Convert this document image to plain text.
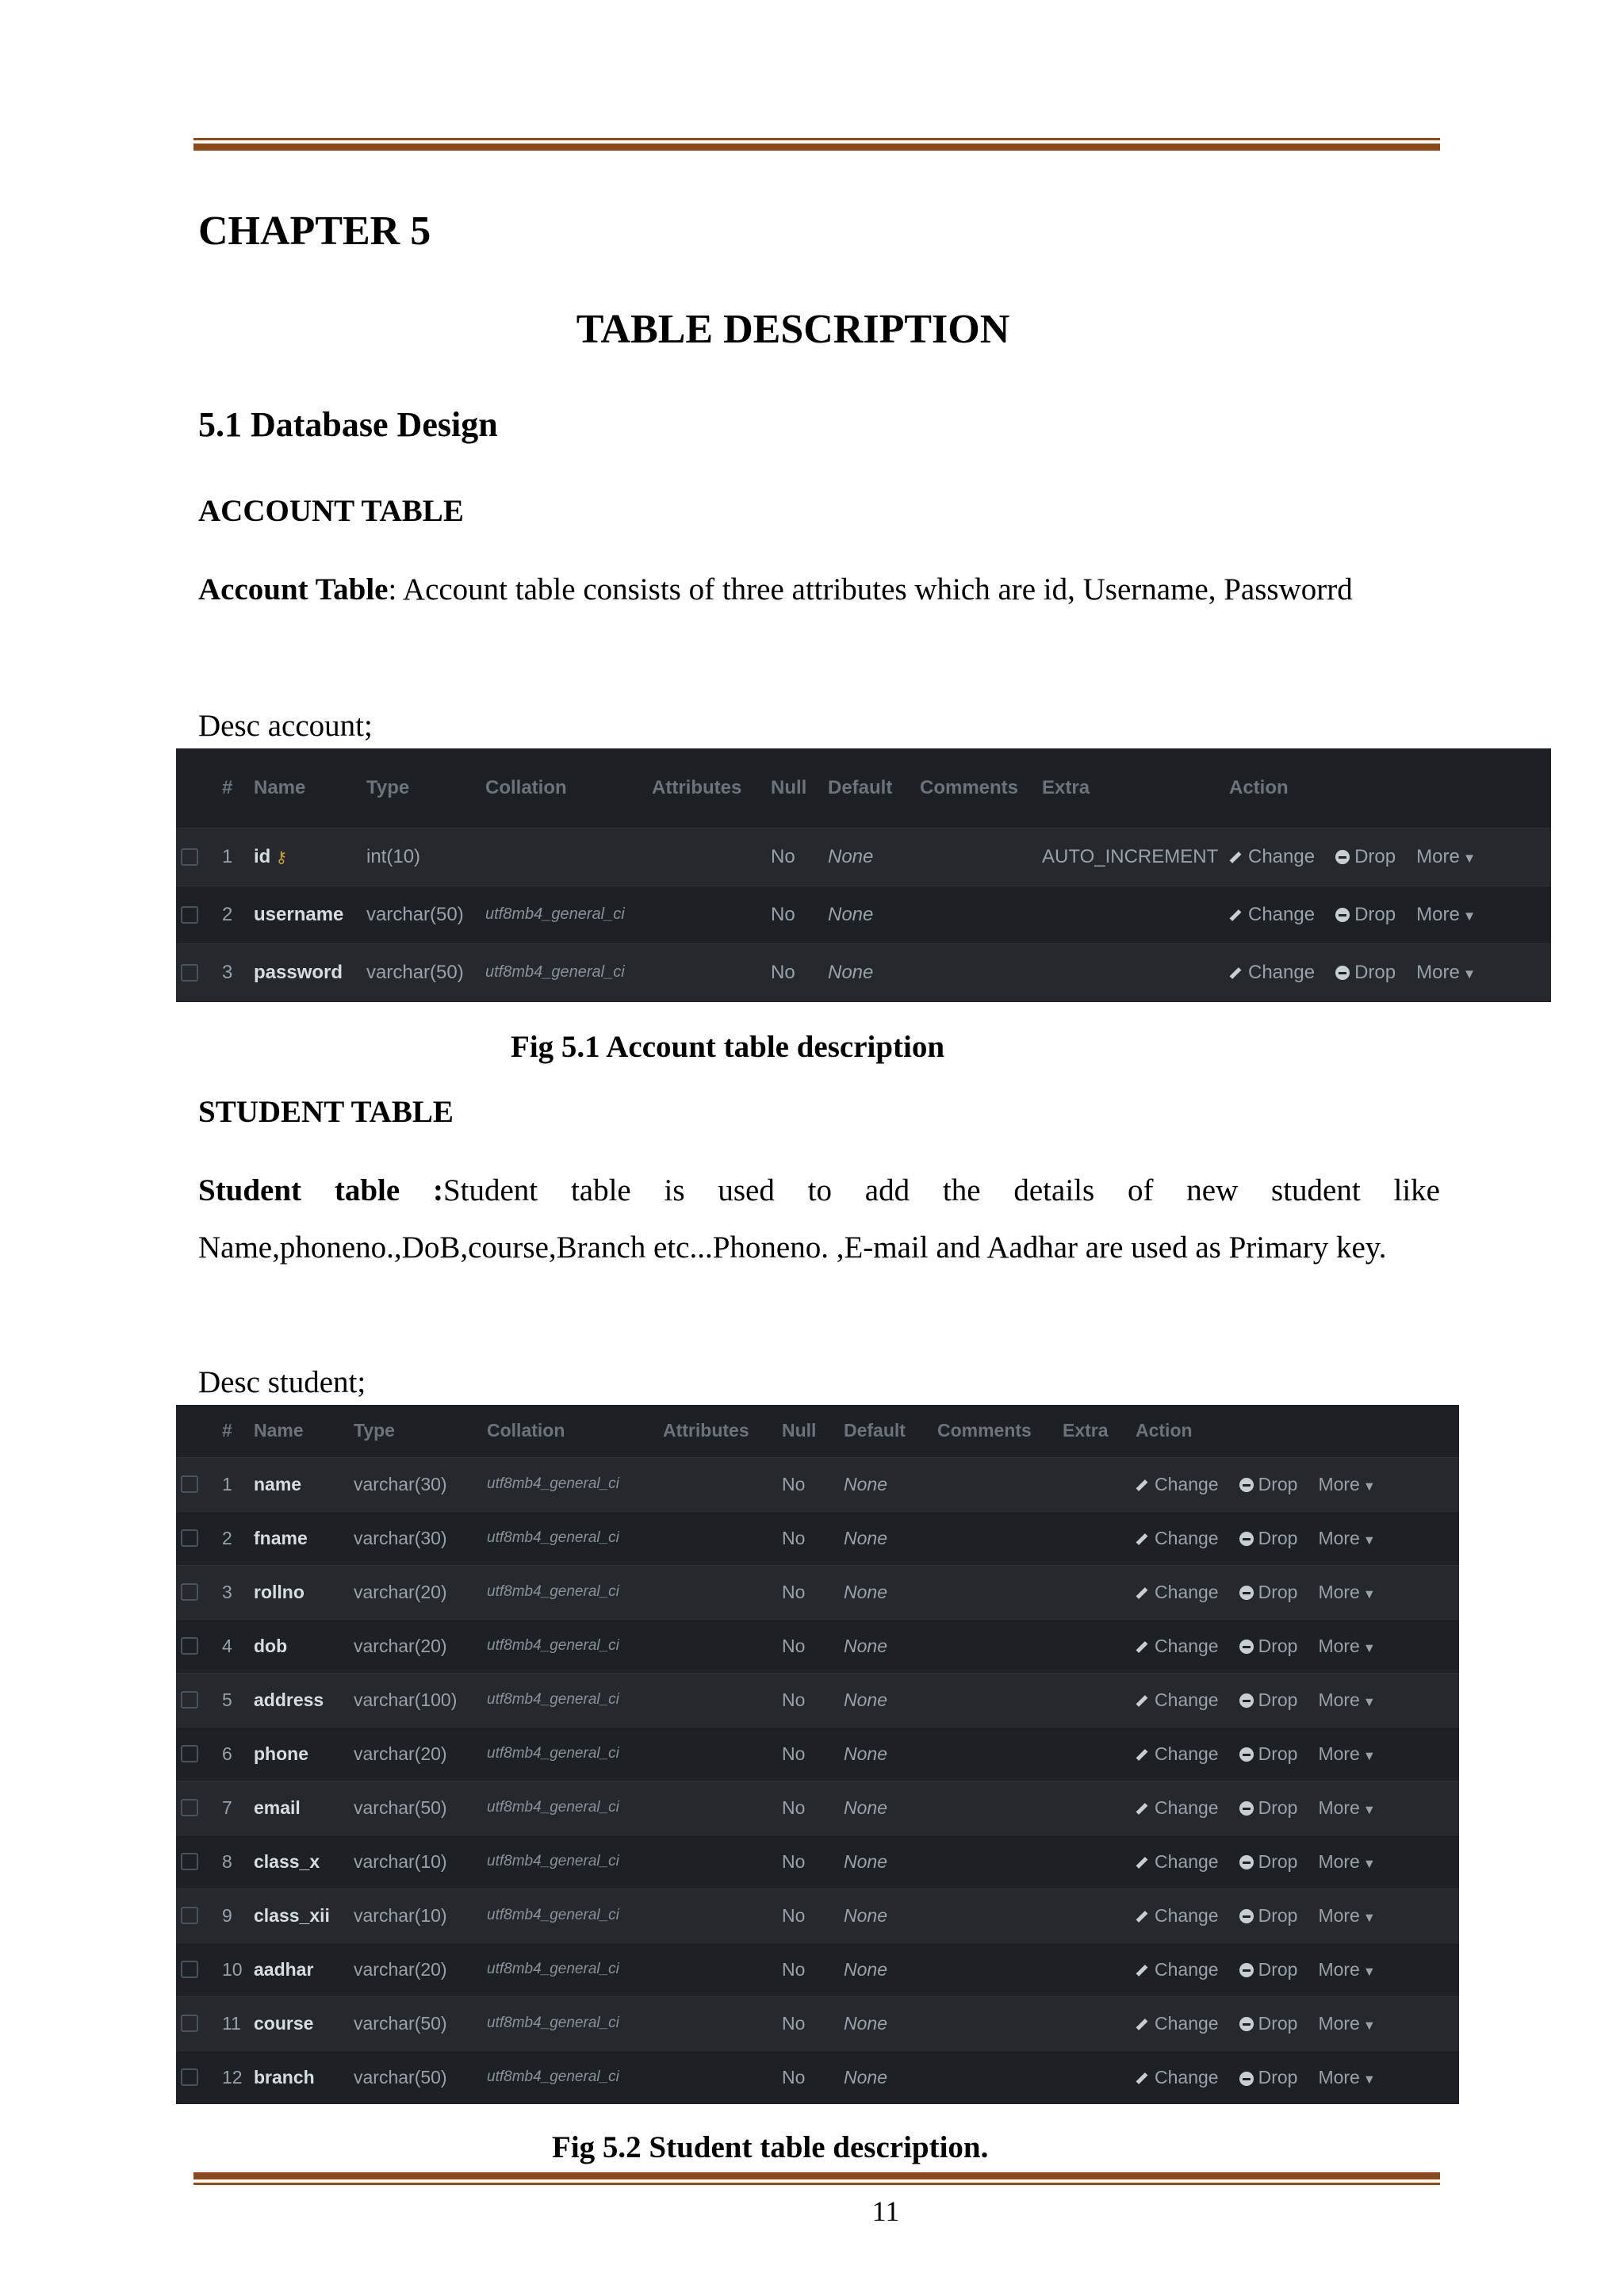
CHAPTER 5
TABLE DESCRIPTION
5.1 Database Design
ACCOUNT TABLE
Account Table: Account table consists of three attributes which are id, Username, Passworrd
Desc account;
	#	Name	Type	Collation	Attributes	Null	Default	Comments	Extra	Action
	1	id ⚷	int(10)			No	None		AUTO_INCREMENT	Change Drop More ▼
	2	username	varchar(50)	utf8mb4_general_ci		No	None			Change Drop More ▼
	3	password	varchar(50)	utf8mb4_general_ci		No	None			Change Drop More ▼
Fig 5.1 Account table description
STUDENT TABLE
Student table :Student table is used to add the details of new student like Name,phoneno.,DoB,course,Branch etc...Phoneno. ,E-mail and Aadhar are used as Primary key.
Desc student;
	#	Name	Type	Collation	Attributes	Null	Default	Comments	Extra	Action
	1	name	varchar(30)	utf8mb4_general_ci		No	None			Change Drop More ▼
	2	fname	varchar(30)	utf8mb4_general_ci		No	None			Change Drop More ▼
	3	rollno	varchar(20)	utf8mb4_general_ci		No	None			Change Drop More ▼
	4	dob	varchar(20)	utf8mb4_general_ci		No	None			Change Drop More ▼
	5	address	varchar(100)	utf8mb4_general_ci		No	None			Change Drop More ▼
	6	phone	varchar(20)	utf8mb4_general_ci		No	None			Change Drop More ▼
	7	email	varchar(50)	utf8mb4_general_ci		No	None			Change Drop More ▼
	8	class_x	varchar(10)	utf8mb4_general_ci		No	None			Change Drop More ▼
	9	class_xii	varchar(10)	utf8mb4_general_ci		No	None			Change Drop More ▼
	10	aadhar	varchar(20)	utf8mb4_general_ci		No	None			Change Drop More ▼
	11	course	varchar(50)	utf8mb4_general_ci		No	None			Change Drop More ▼
	12	branch	varchar(50)	utf8mb4_general_ci		No	None			Change Drop More ▼
Fig 5.2 Student table description.
11
